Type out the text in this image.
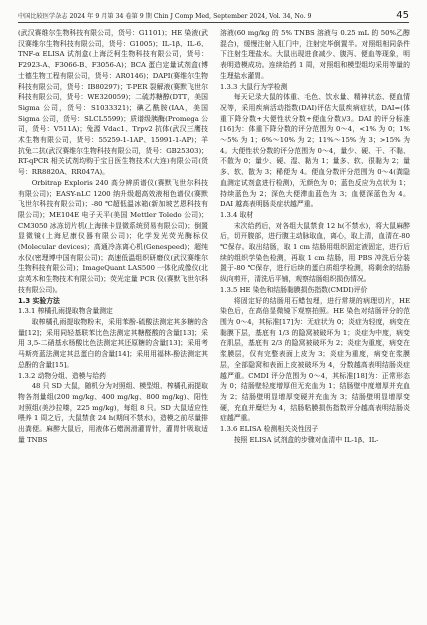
中国比较医学杂志 2024 年 9 月第 34 卷第 9 期 Chin J Comp Med, September 2024, Vol. 34, No. 9	45

(武汉赛维尔生物科技有限公司，货号：G1101)；HE 染液(武汉赛维尔生物科技有限公司，货号：G1005)；IL-1β、IL-6、TNF-α ELISA 试剂盒(上海泛柯生物科技有限公司，货号：F2923-A、F3066-B、F3056-A)；BCA 蛋白定量试剂盒(博士德生物工程有限公司，货号：AR0146)；DAPI(赛维尔生物科技有限公司，货号：IB80297)；T-PER 裂解液(赛默飞世尔科技有限公司，货号：WE320059)；二硫苏糖醇(DTT，美国 Sigma 公司，货号：S1033321)；碘乙酰胺(IAA，美国 Sigma 公司，货号：SLCL5599)；质谱级胰酶(Promega 公司，货号：V511A)；兔源 Vdac1、Trpv2 抗体(武汉三鹰技术生物有限公司，货号：55259-1-1AP、15991-1-AP)；羊抗兔二抗(武汉赛维尔生物科技有限公司，货号：GB25303)；RT-qPCR 相关试剂均购于宝日医生物技术(大连)有限公司(货号：RR8820A、RR047A)。

Orbitrap Exploris 240 高分辨质谱仪(赛默飞世尔科技有限公司)；EASY-nLC 1200 纳升级超高效液相色谱仪(赛默飞世尔科技有限公司)；-80 ℃超低温冰箱(新加坡艺恩科技有限公司)；ME104E 电子天平(美国 Mettler Toledo 公司)；CM3050 冰冻切片机(上海徕卡显微系统贸易有限公司)；倒置显微镜(上海尼康仪器有限公司)；化学发光荧光酶标仪(Molecular devices)；高通冷冻离心机(Genespeed)；超纯水仪(密理博中国有限公司)；高速低温组织研磨仪(武汉赛维尔生物科技有限公司)；ImageQuant LAS500 一体化成像仪(北京英木和生物技术有限公司)；荧光定量 PCR 仪(赛默飞世尔科技有限公司)。

1.3 实验方法

1.3.1 榨橘孔雨提取物含量测定

取榨橘孔雨提取物粉末，采用苯酚-硫酸法测定其多糖的含量[12]；采用同轻基联苯比色法测定其糖醛酸的含量[13]；采用 3,5-二硝基水杨酸比色法测定其还原糖的含量[13]；采用考马斯亮蓝法测定其总蛋白的含量[14]；采用用福林-酚法测定其总酚的含量[15]。

1.3.2 动物分组、造模与给药

48 只 SD 大鼠，随机分为对照组、模型组、榨橘孔雨提取物各剂量组(200 mg/kg、400 mg/kg、800 mg/kg)、阳性对照组(美沙拉嗪，225 mg/kg)，每组 8 只。SD 大鼠适应性喂养 1 周之后，大鼠禁食 24 h(期间不禁水)，造模之前尽量排出粪便。麻醉大鼠后，用液体石蜡润滑灌胃针，灌胃针吸取适量 TNBS

溶液(60 mg/kg 的 5% TNBS 溶液与 0.25 mL 的 50%乙醇混合)，缓慢注射入肛门中，注射完毕倒置半。对照组相同条件下注射生理盐水。大鼠出现进食减少、腹泻、便血等现象，明表明造模成功。连续给药 1 周，对照组和模型组均采用等量的生理盐水灌胃。

1.3.3 大鼠行为学检测

每天记录大鼠的体重、毛色、饮水量、精神状态、便血情况等，采用疾病活动指数(DAI)评估大鼠疾病症状，DAI=(体重下降分数+大便性状分数+便血分数)/3。DAI 的评分标准[16]为：体重下降分数的评分范围为 0～4，<1% 为 0；1%～5% 为 1；6%～10% 为 2；11%～15% 为 3；>15% 为 4。大便性状分数的评分范围为 0～4，量少、硬、干、不黏、不散为 0；量少、硬、湿、黏为 1；量多、软、很黏为 2；量多、软、散为 3；稀便为 4。便血分数评分范围为 0～4(粪隐血测定试剂盒进行检测)，无颜色为 0；蓝色反应为点状为 1；持续蓝色为 2；深色大便滞血蓝色为 3；血便深蓝色为 4。DAI 越高表明肠炎症状越严重。

1.3.4 取材

末次给药后，对各组大鼠禁食 12 h(不禁水)，将大鼠麻醉后，切开腹部，进行腹主动脉取血，离心，取上清，血清在-80 ℃保存。取出结肠，取 1 cm 结肠用组织固定液固定，进行后续的组织学染色检测，再取 1 cm 结肠，用 PBS 冲洗后分装置于-80 ℃保存，进行后续的蛋白质组学检测，将剩余的结肠纵向剪开，清洗后平铺，观察结肠组织损伤情况。

1.3.5 HE 染色和结肠黏膜损伤指数(CMDI)评价

将固定好的结肠用石蜡包埋，进行常规的病理切片，HE 染色后，在高倍显微镜下观察拍照。HE 染色对结肠评分的范围为 0～4，其标准[17]为：无症状为 0；炎症为轻度，病变在黏膜下层，基底有 1/3 的隐窝被破坏为 1；炎症为中度，病变在肌层，基底有 2/3 的隐窝被破坏为 2；炎症为重度，病变在浆膜层，仅有完整表面上皮为 3；炎症为重度，病变在浆膜层，全部隐窝和表面上皮被破坏为 4，分数越高表明结肠炎症越严重。CMDI 评分范围为 0～4，其标准[18]为：正常形态为 0；结肠壁轻度增厚但无充血为 1；结肠壁中度增厚并充血为 2；结肠壁明显增厚变硬并充血为 3；结肠壁明显增厚变硬，充血并糜烂为 4，结肠粘膜损伤指数评分越高表明结肠炎症越严重。

1.3.6 ELISA 检测相关炎性因子

按照 ELISA 试剂盒的步骤对血清中 IL-1β、IL-
